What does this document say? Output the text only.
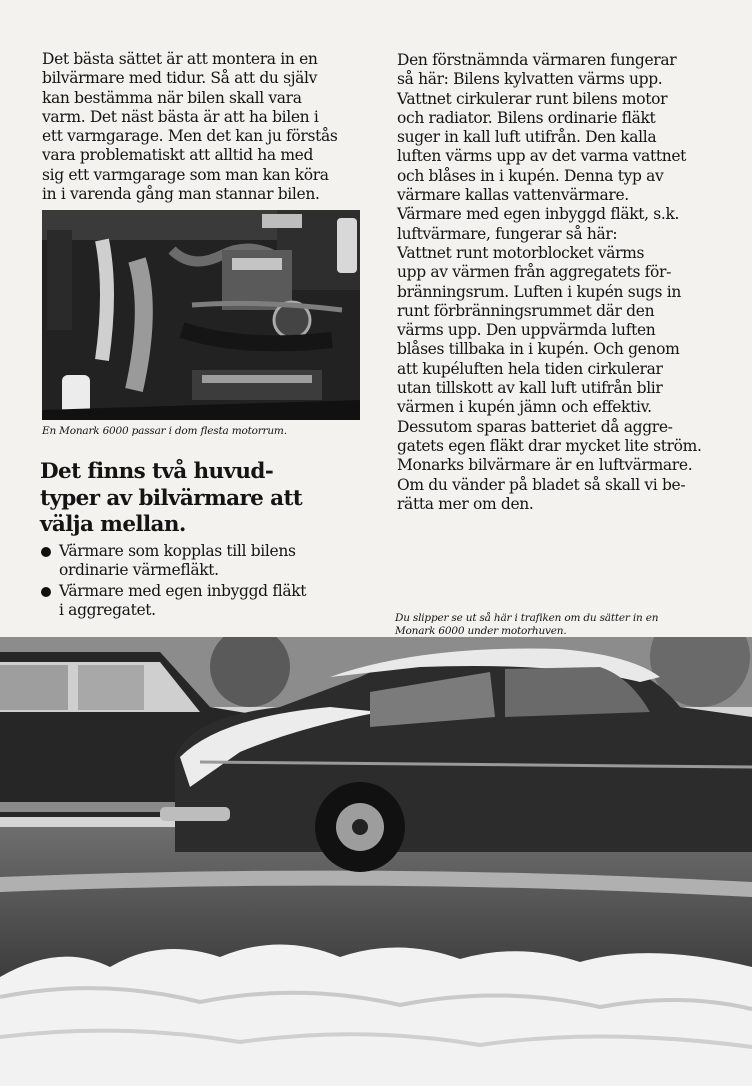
Det bästa sättet är att montera in en
bilvärmare med tidur. Så att du själv
kan bestämma när bilen skall vara
varm. Det näst bästa är att ha bilen i
ett varmgarage. Men det kan ju förstås
vara problematiskt att alltid ha med
sig ett varmgarage som man kan köra
in i varenda gång man stannar bilen.

En Monark 6000 passar i dom flesta motorrum.
Det finns två huvud-
typer av bilvärmare att
välja mellan.
Värmare som kopplas till bilens
ordinarie värmefläkt.
Värmare med egen inbyggd fläkt
i aggregatet.

Den förstnämnda värmaren fungerar
så här: Bilens kylvatten värms upp.
Vattnet cirkulerar runt bilens motor
och radiator. Bilens ordinarie fläkt
suger in kall luft utifrån. Den kalla
luften värms upp av det varma vattnet
och blåses in i kupén. Denna typ av
värmare kallas vattenvärmare.
Värmare med egen inbyggd fläkt, s.k.
luftvärmare, fungerar så här:
Vattnet runt motorblocket värms
upp av värmen från aggregatets för-
bränningsrum. Luften i kupén sugs in
runt förbränningsrummet där den
värms upp. Den uppvärmda luften
blåses tillbaka in i kupén. Och genom
att kupéluften hela tiden cirkulerar
utan tillskott av kall luft utifrån blir
värmen i kupén jämn och effektiv.
Dessutom sparas batteriet då aggre-
gatets egen fläkt drar mycket lite ström.
Monarks bilvärmare är en luftvärmare.
Om du vänder på bladet så skall vi be-
rätta mer om den.

Du slipper se ut så här i trafiken om du sätter in en
Monark 6000 under motorhuven.
